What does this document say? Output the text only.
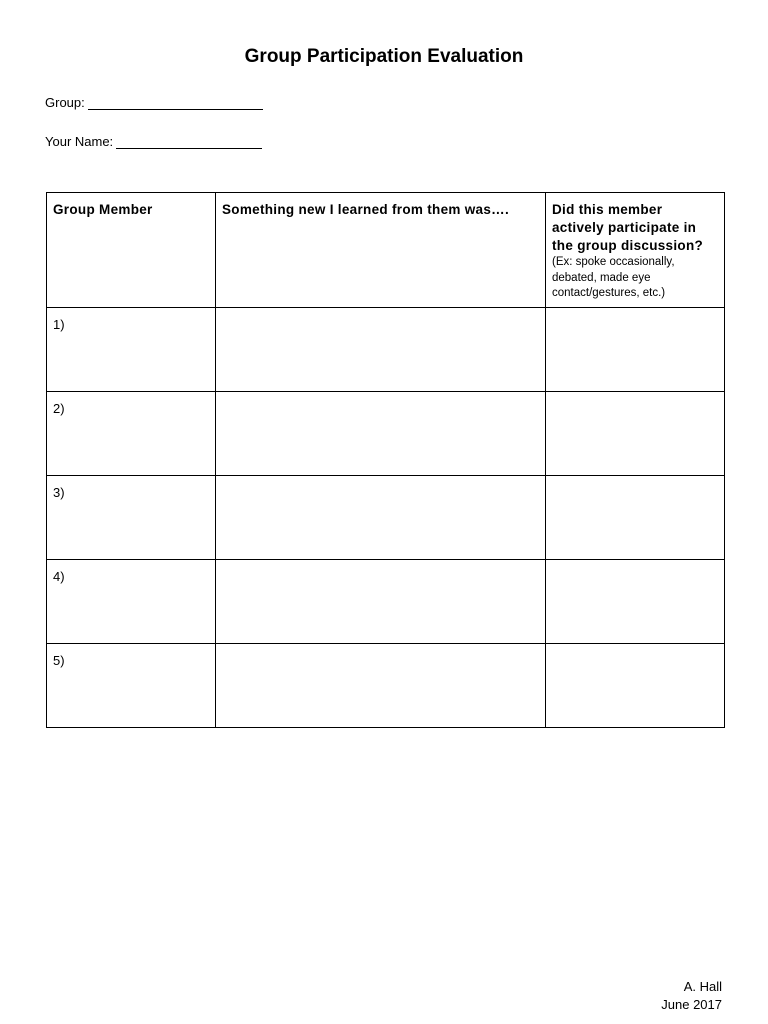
Group Participation Evaluation
Group:
Your Name:
Group Member	Something new I learned from them was….	Did this member actively participate in the group discussion?
(Ex: spoke occasionally, debated, made eye contact/gestures, etc.)

1)		

2)		

3)		

4)		

5)		

A. Hall
June 2017
